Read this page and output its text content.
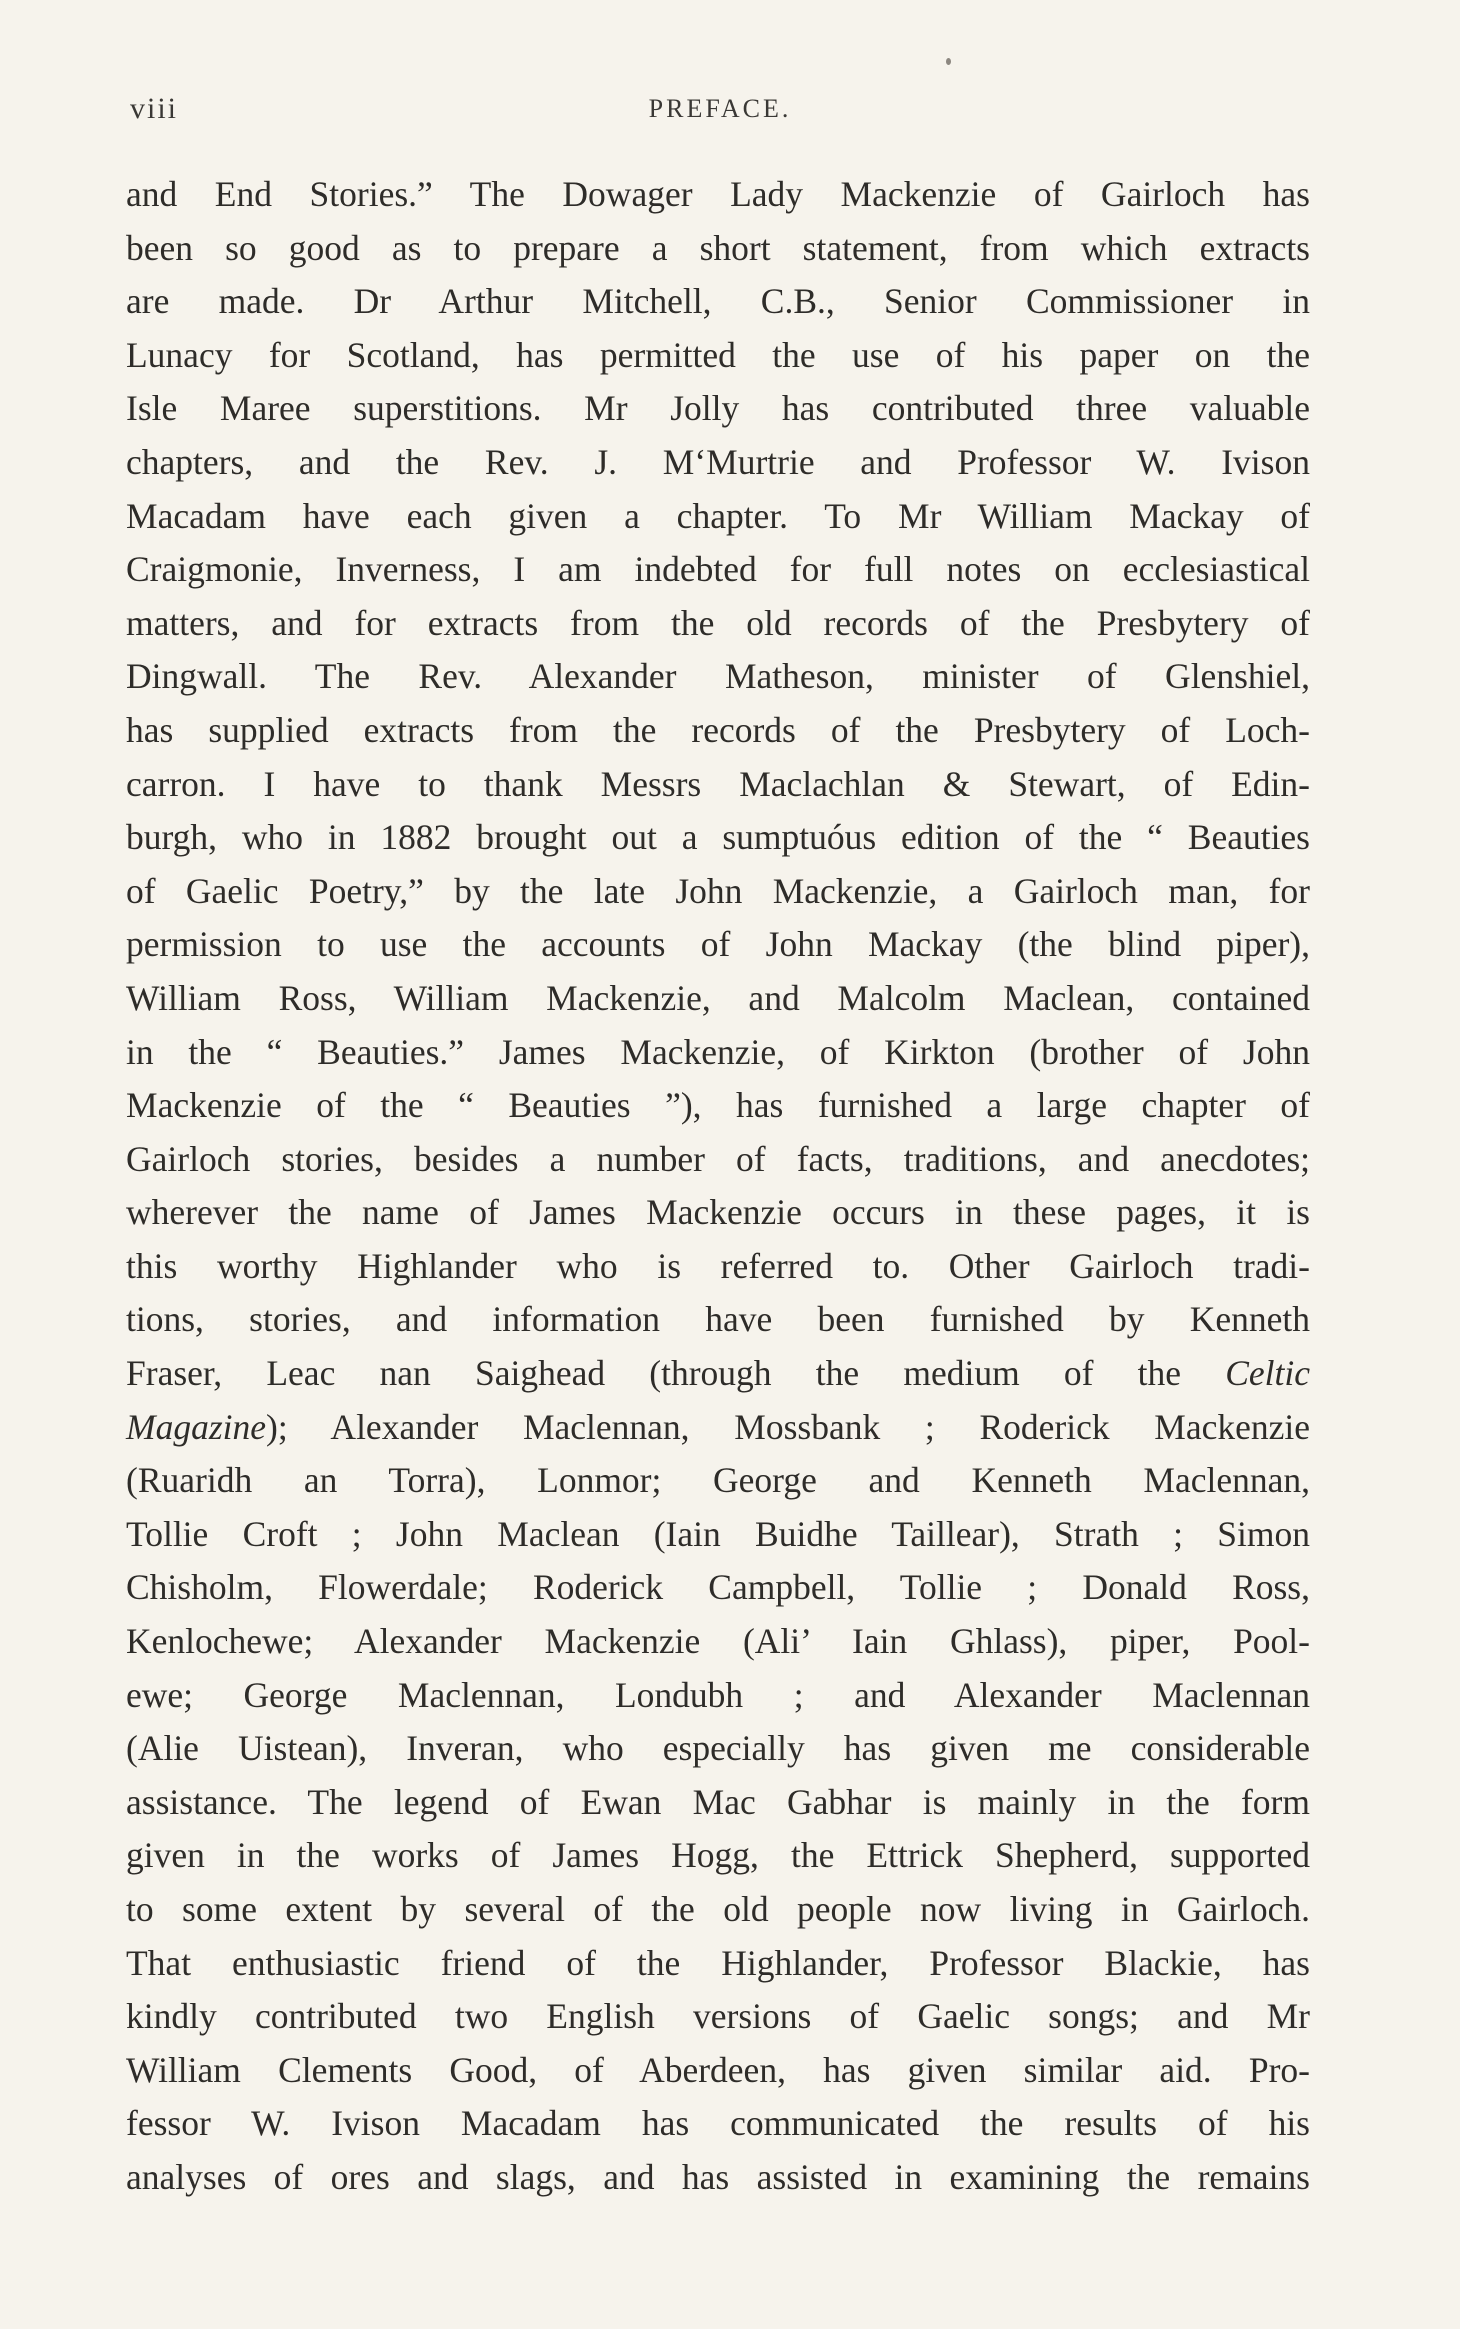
viii	PREFACE.
and End Stories.” The Dowager Lady Mackenzie of Gairloch has
been so good as to prepare a short statement, from which extracts
are made. Dr Arthur Mitchell, C.B., Senior Commissioner in
Lunacy for Scotland, has permitted the use of his paper on the
Isle Maree superstitions. Mr Jolly has contributed three valuable
chapters, and the Rev. J. M‘Murtrie and Professor W. Ivison
Macadam have each given a chapter. To Mr William Mackay of
Craigmonie, Inverness, I am indebted for full notes on ecclesiastical
matters, and for extracts from the old records of the Presbytery of
Dingwall. The Rev. Alexander Matheson, minister of Glenshiel,
has supplied extracts from the records of the Presbytery of Loch-
carron. I have to thank Messrs Maclachlan & Stewart, of Edin-
burgh, who in 1882 brought out a sumptuóus edition of the “ Beauties
of Gaelic Poetry,” by the late John Mackenzie, a Gairloch man, for
permission to use the accounts of John Mackay (the blind piper),
William Ross, William Mackenzie, and Malcolm Maclean, contained
in the “ Beauties.” James Mackenzie, of Kirkton (brother of John
Mackenzie of the “ Beauties ”), has furnished a large chapter of
Gairloch stories, besides a number of facts, traditions, and anecdotes;
wherever the name of James Mackenzie occurs in these pages, it is
this worthy Highlander who is referred to. Other Gairloch tradi-
tions, stories, and information have been furnished by Kenneth
Fraser, Leac nan Saighead (through the medium of the Celtic
Magazine); Alexander Maclennan, Mossbank ; Roderick Mackenzie
(Ruaridh an Torra), Lonmor; George and Kenneth Maclennan,
Tollie Croft ; John Maclean (Iain Buidhe Taillear), Strath ; Simon
Chisholm, Flowerdale; Roderick Campbell, Tollie ; Donald Ross,
Kenlochewe; Alexander Mackenzie (Ali’ Iain Ghlass), piper, Pool-
ewe; George Maclennan, Londubh ; and Alexander Maclennan
(Alie Uistean), Inveran, who especially has given me considerable
assistance. The legend of Ewan Mac Gabhar is mainly in the form
given in the works of James Hogg, the Ettrick Shepherd, supported
to some extent by several of the old people now living in Gairloch.
That enthusiastic friend of the Highlander, Professor Blackie, has
kindly contributed two English versions of Gaelic songs; and Mr
William Clements Good, of Aberdeen, has given similar aid. Pro-
fessor W. Ivison Macadam has communicated the results of his
analyses of ores and slags, and has assisted in examining the remains
